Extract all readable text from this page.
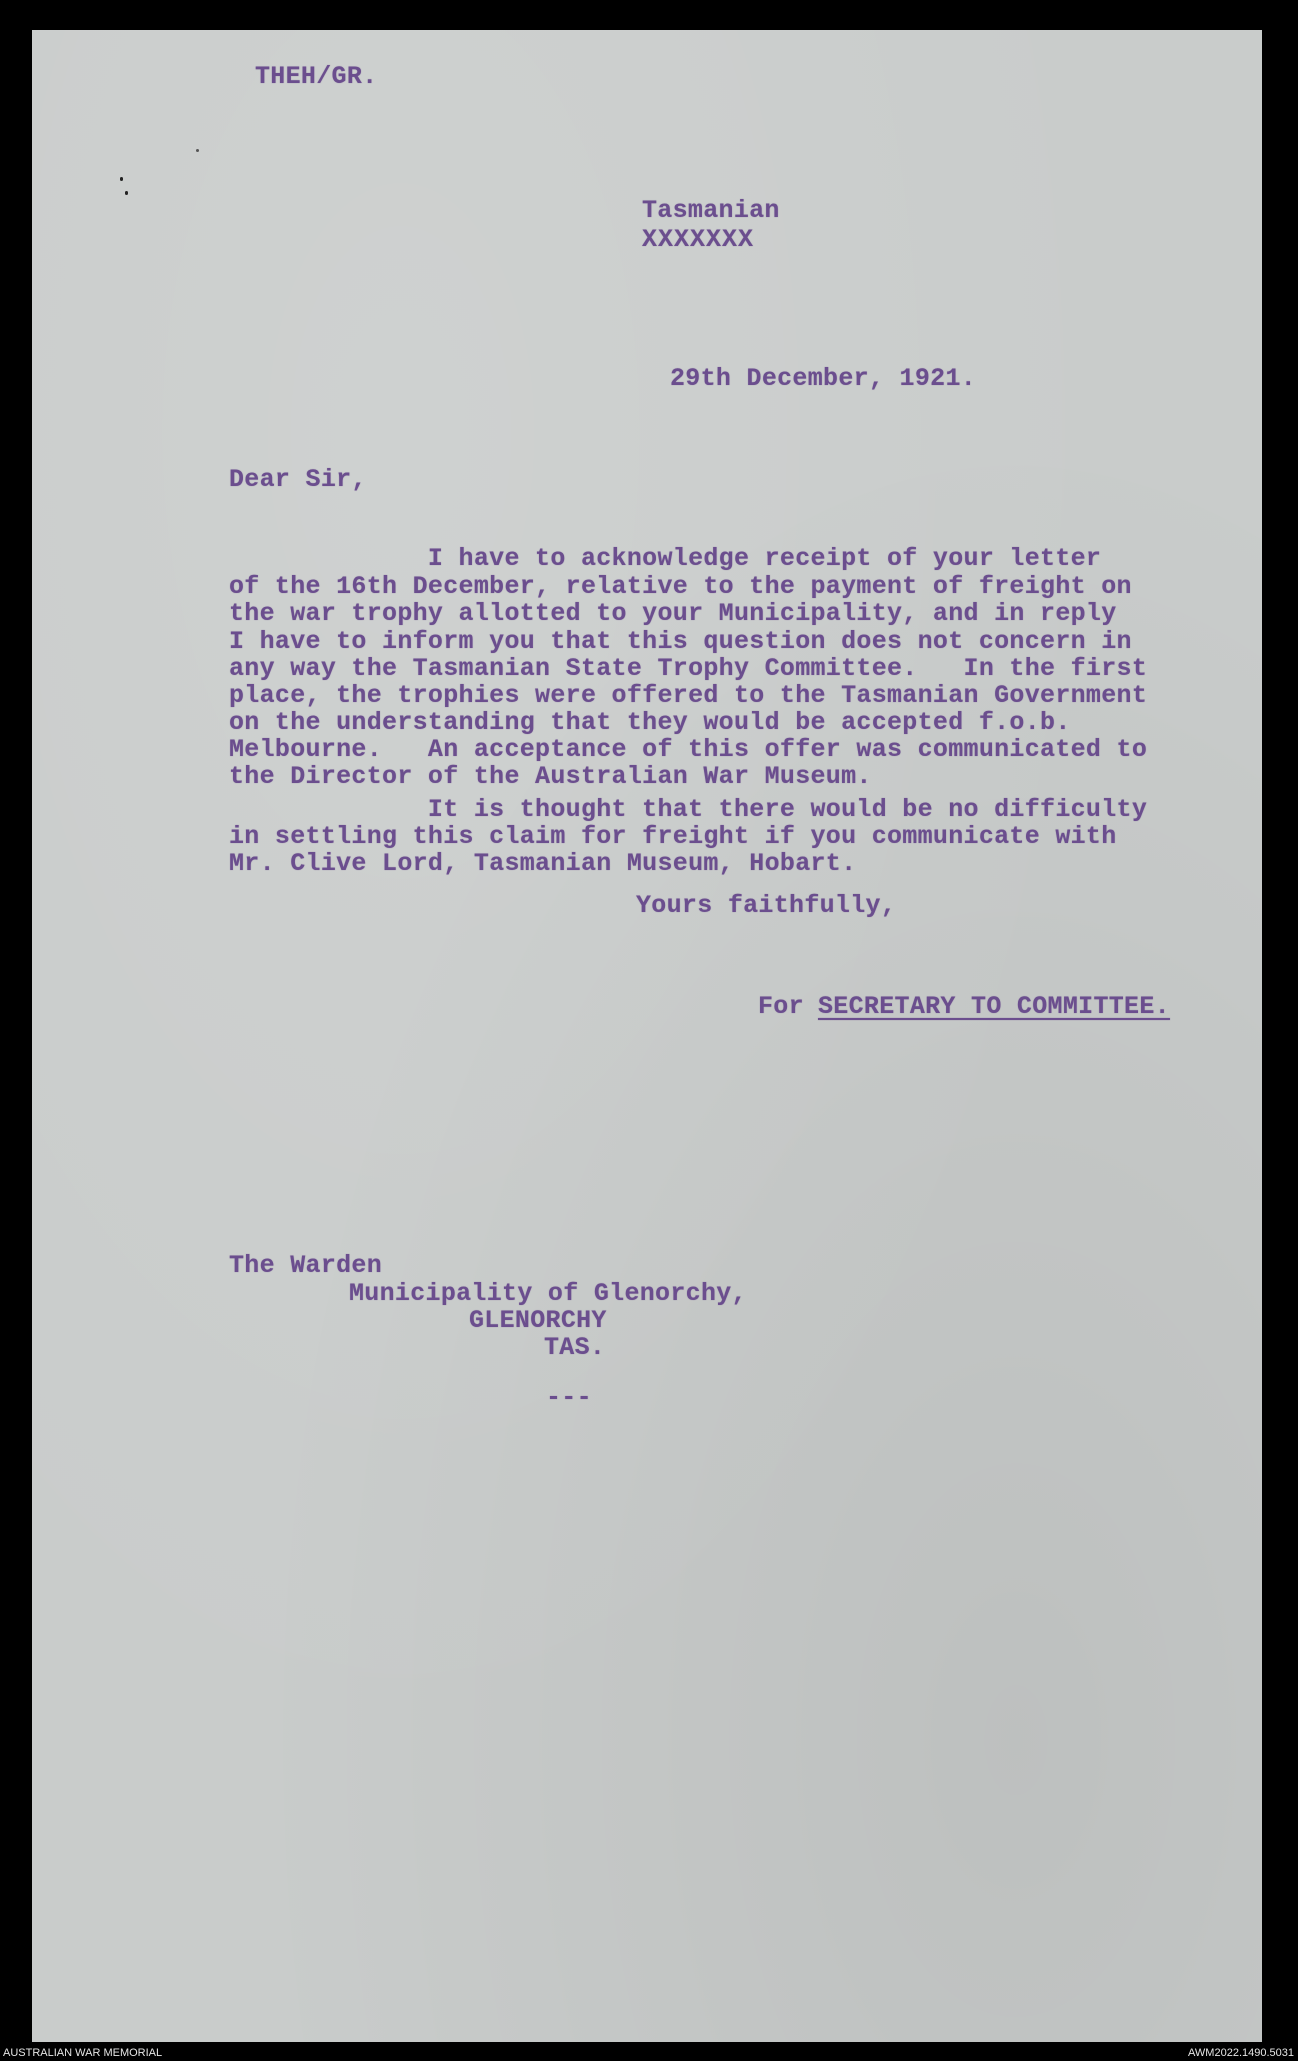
THEH/GR.
Tasmanian
XXXXXXX
29th December, 1921.
Dear Sir,
I have to acknowledge receipt of your letter
of the 16th December, relative to the payment of freight on
the war trophy allotted to your Municipality, and in reply
I have to inform you that this question does not concern in
any way the Tasmanian State Trophy Committee.   In the first
place, the trophies were offered to the Tasmanian Government
on the understanding that they would be accepted f.o.b.
Melbourne.   An acceptance of this offer was communicated to
the Director of the Australian War Museum.
It is thought that there would be no difficulty
in settling this claim for freight if you communicate with
Mr. Clive Lord, Tasmanian Museum, Hobart.
Yours faithfully,
For SECRETARY TO COMMITTEE.
The Warden
Municipality of Glenorchy,
GLENORCHY
TAS.
---
AUSTRALIAN WAR MEMORIAL	AWM2022.1490.5031
